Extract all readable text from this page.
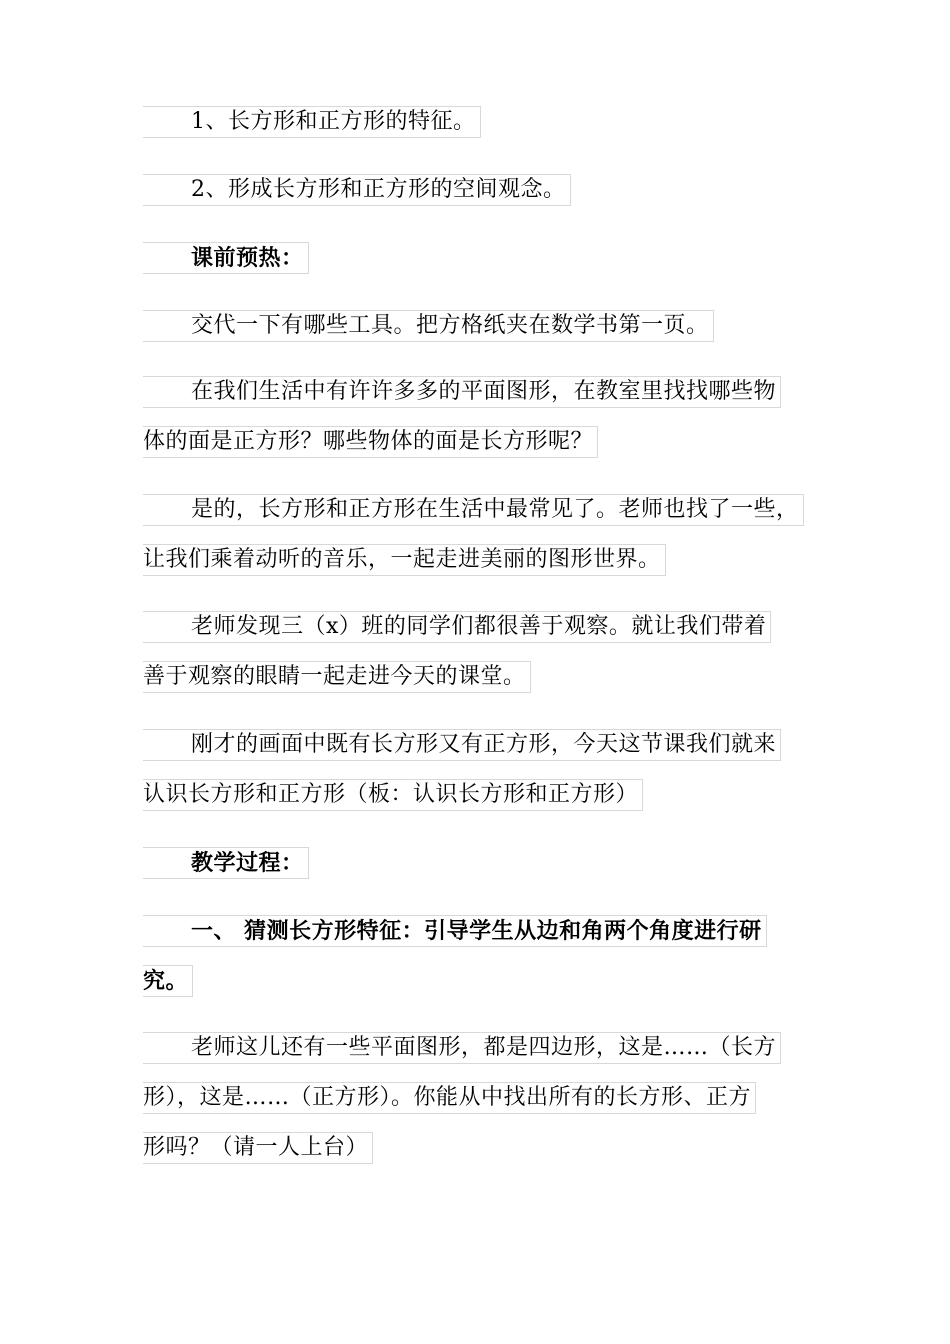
1、长方形和正方形的特征。
2、形成长方形和正方形的空间观念。
课前预热：
交代一下有哪些工具。把方格纸夹在数学书第一页。
在我们生活中有许许多多的平面图形，在教室里找找哪些物
体的面是正方形？哪些物体的面是长方形呢？
是的，长方形和正方形在生活中最常见了。老师也找了一些，
让我们乘着动听的音乐，一起走进美丽的图形世界。
老师发现三（x）班的同学们都很善于观察。就让我们带着
善于观察的眼睛一起走进今天的课堂。
刚才的画面中既有长方形又有正方形，今天这节课我们就来
认识长方形和正方形（板：认识长方形和正方形）
教学过程：
一、 猜测长方形特征：引导学生从边和角两个角度进行研
究。
老师这儿还有一些平面图形，都是四边形，这是……（长方
形），这是……（正方形）。你能从中找出所有的长方形、正方
形吗？（请一人上台）
